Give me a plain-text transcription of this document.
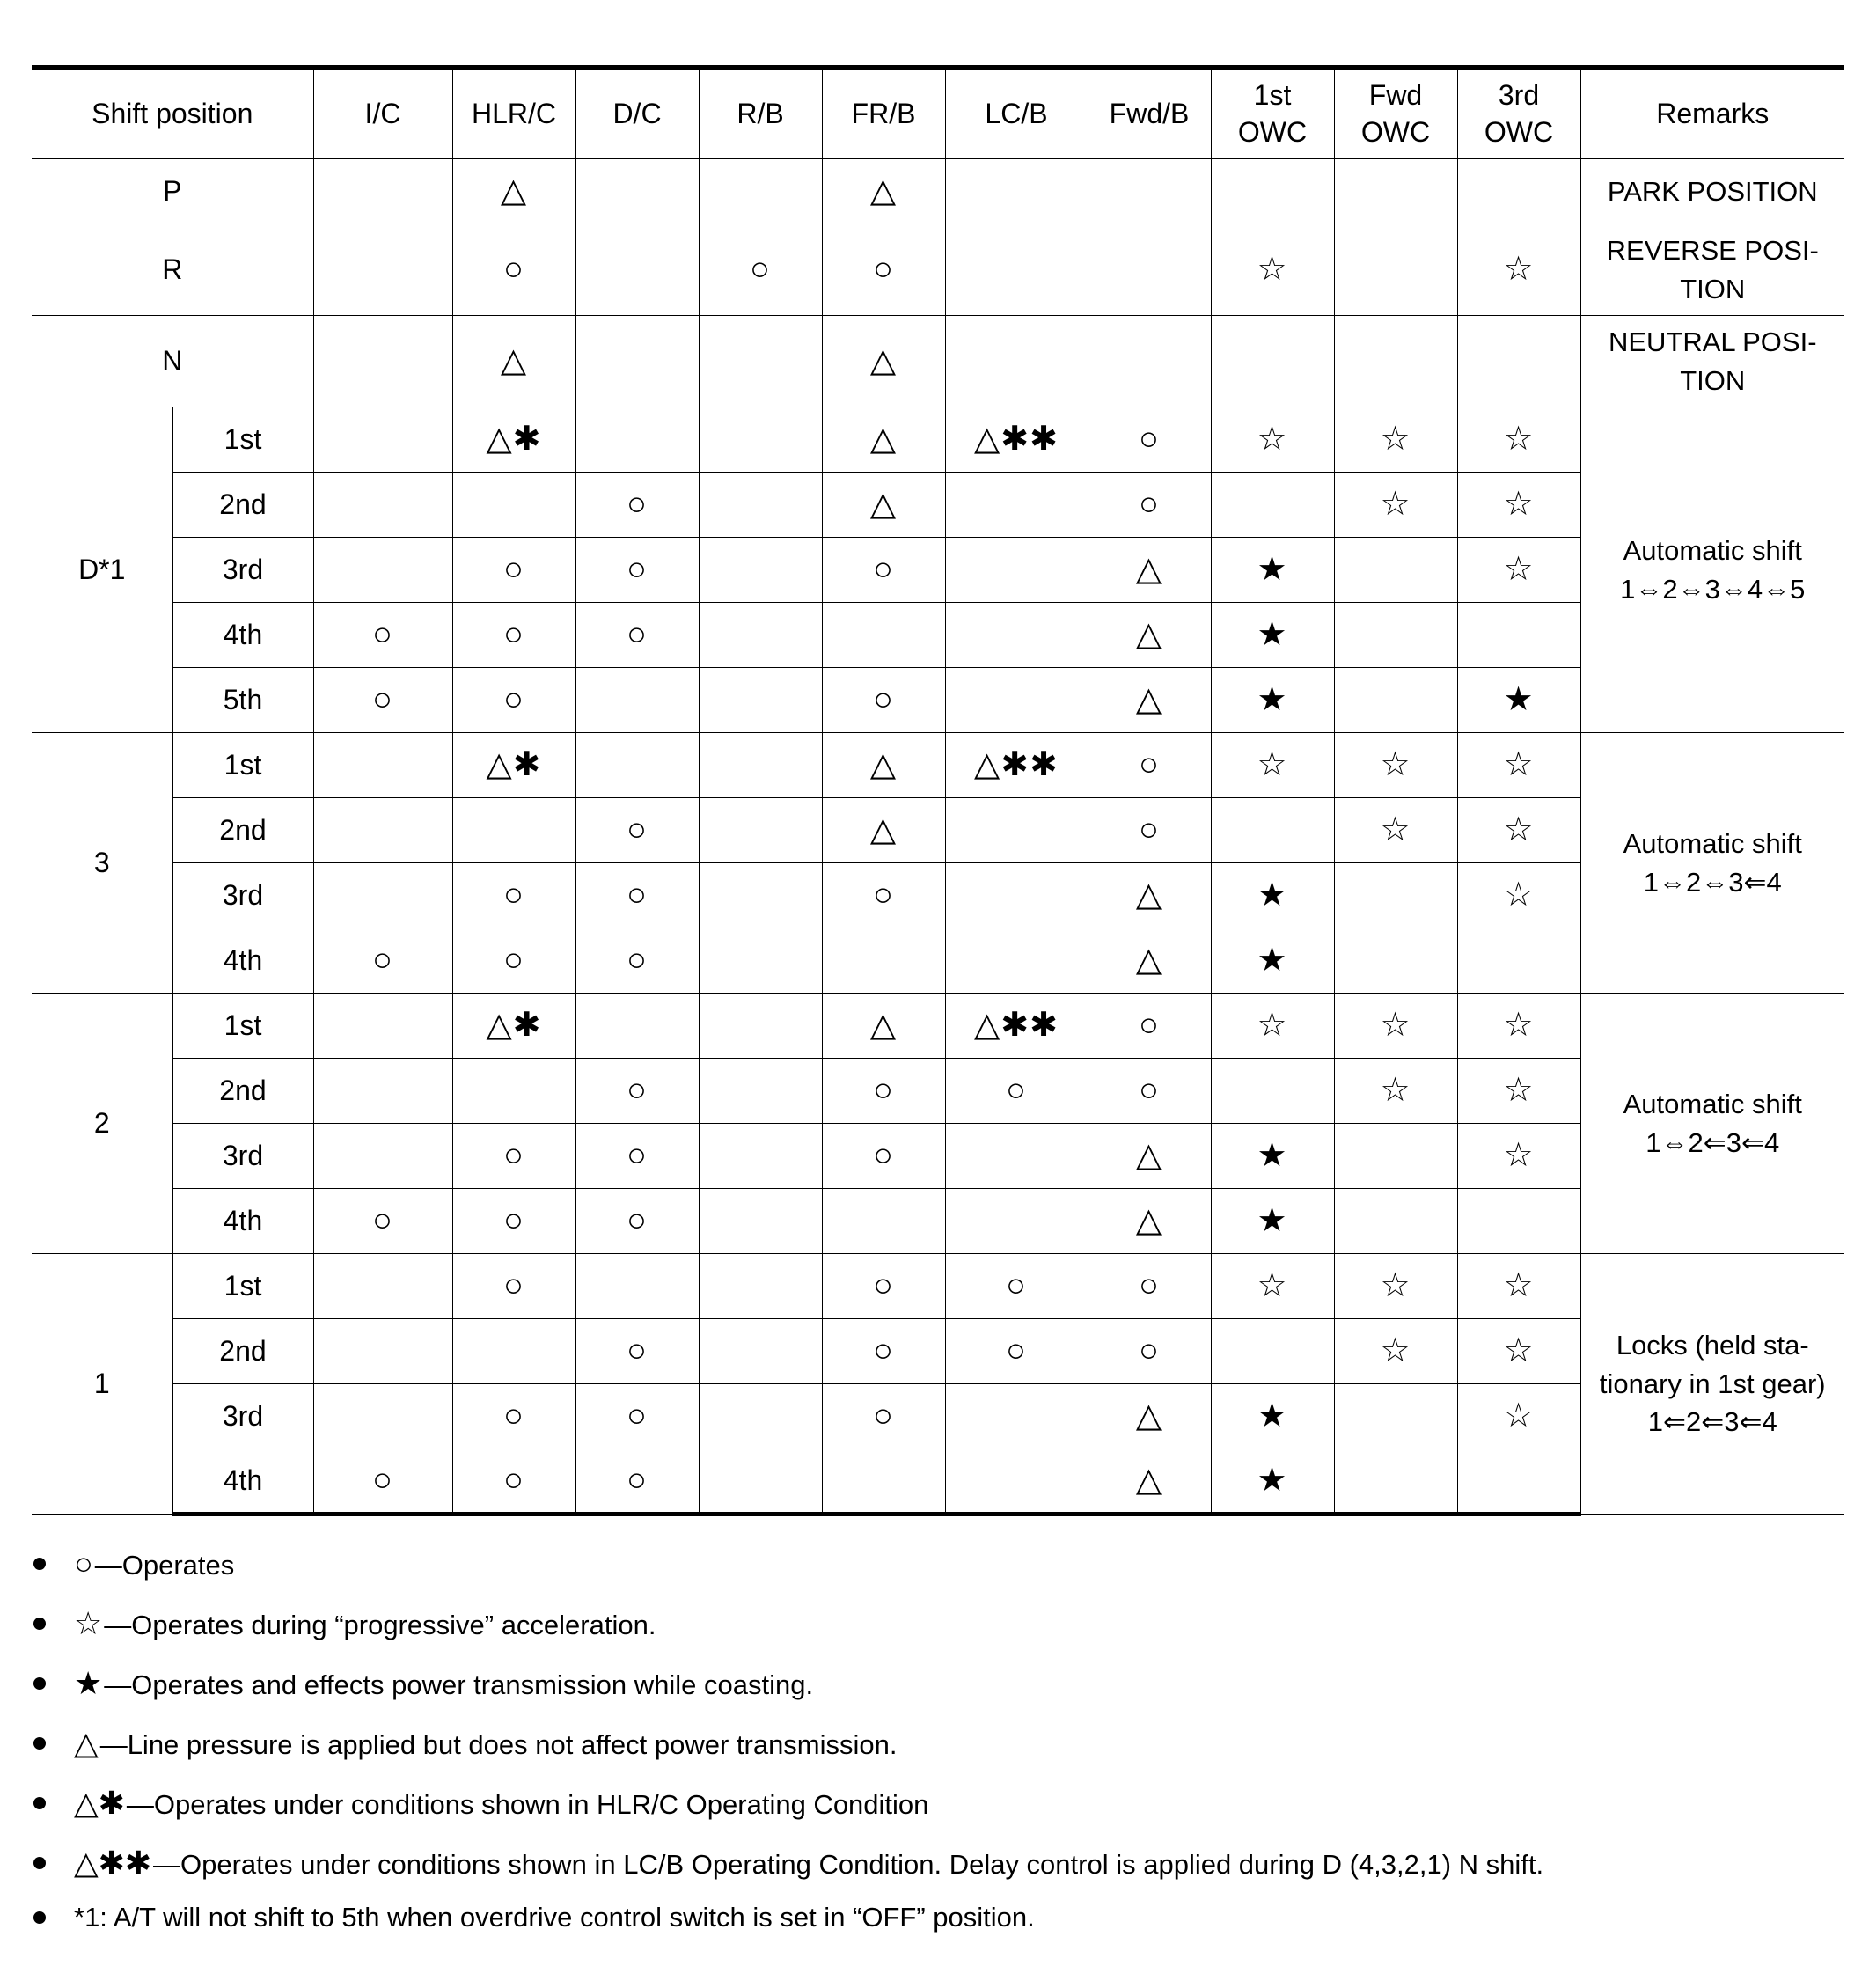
Shift position		I/C	HLR/C	D/C	R/B	FR/B	LC/B	Fwd/B	1st OWC	Fwd OWC	3rd OWC	Remarks
P			△			△						PARK POSITION
R			○		○	○			☆		☆	REVERSE POSI-TION
N			△			△						NEUTRAL POSI-TION
D*1	1st		△✱			△	△✱✱	○	☆	☆	☆	Automatic shift 1⇔2⇔3⇔4⇔5
	2nd			○		△		○		☆	☆	
	3rd		○	○		○		△	★		☆	
	4th	○	○	○				△	★			
	5th	○	○			○		△	★		★	
3	1st		△✱			△	△✱✱	○	☆	☆	☆	Automatic shift 1⇔2⇔3⇐4
	2nd			○		△		○		☆	☆	
	3rd		○	○		○		△	★		☆	
	4th	○	○	○				△	★			
2	1st		△✱			△	△✱✱	○	☆	☆	☆	Automatic shift 1⇔2⇐3⇐4
	2nd			○		○	○	○		☆	☆	
	3rd		○	○		○		△	★		☆	
	4th	○	○	○				△	★			
1	1st		○			○	○	○	☆	☆	☆	Locks (held sta-tionary in 1st gear) 1⇐2⇐3⇐4
	2nd			○		○	○	○		☆	☆	
	3rd		○	○		○		△	★		☆	
	4th	○	○	○				△	★			
○—Operates
☆—Operates during “progressive” acceleration.
★—Operates and effects power transmission while coasting.
△—Line pressure is applied but does not affect power transmission.
△✱—Operates under conditions shown in HLR/C Operating Condition
△✱✱—Operates under conditions shown in LC/B Operating Condition. Delay control is applied during D (4,3,2,1) N shift.
*1: A/T will not shift to 5th when overdrive control switch is set in “OFF” position.
